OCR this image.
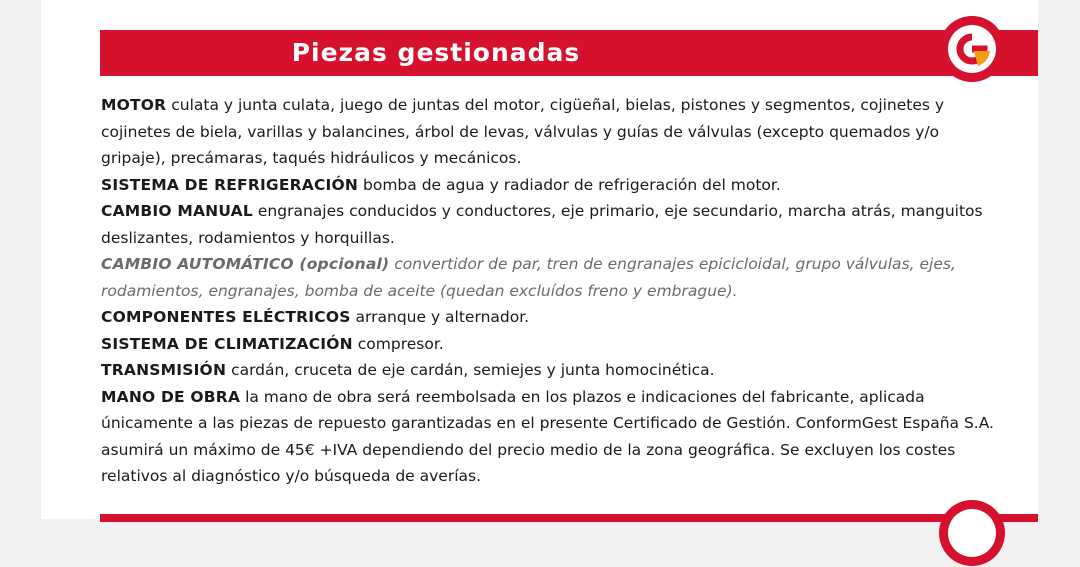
Piezas gestionadas

MOTOR culata y junta culata, juego de juntas del motor, cigüeñal, bielas, pistones y segmentos, cojinetes y cojinetes de biela, varillas y balancines, árbol de levas, válvulas y guías de válvulas (excepto quemados y/o gripaje), precámaras, taqués hidráulicos y mecánicos.

SISTEMA DE REFRIGERACIÓN bomba de agua y radiador de refrigeración del motor.

CAMBIO MANUAL engranajes conducidos y conductores, eje primario, eje secundario, marcha atrás, manguitos deslizantes, rodamientos y horquillas.

CAMBIO AUTOMÁTICO (opcional) convertidor de par, tren de engranajes epicicloidal, grupo válvulas, ejes, rodamientos, engranajes, bomba de aceite (quedan excluídos freno y embrague).

COMPONENTES ELÉCTRICOS arranque y alternador.

SISTEMA DE CLIMATIZACIÓN compresor.

TRANSMISIÓN cardán, cruceta de eje cardán, semiejes y junta homocinética.

MANO DE OBRA la mano de obra será reembolsada en los plazos e indicaciones del fabricante, aplicada únicamente a las piezas de repuesto garantizadas en el presente Certificado de Gestión. ConformGest España S.A. asumirá un máximo de 45€ +IVA dependiendo del precio medio de la zona geográfica. Se excluyen los costes relativos al diagnóstico y/o búsqueda de averías.
